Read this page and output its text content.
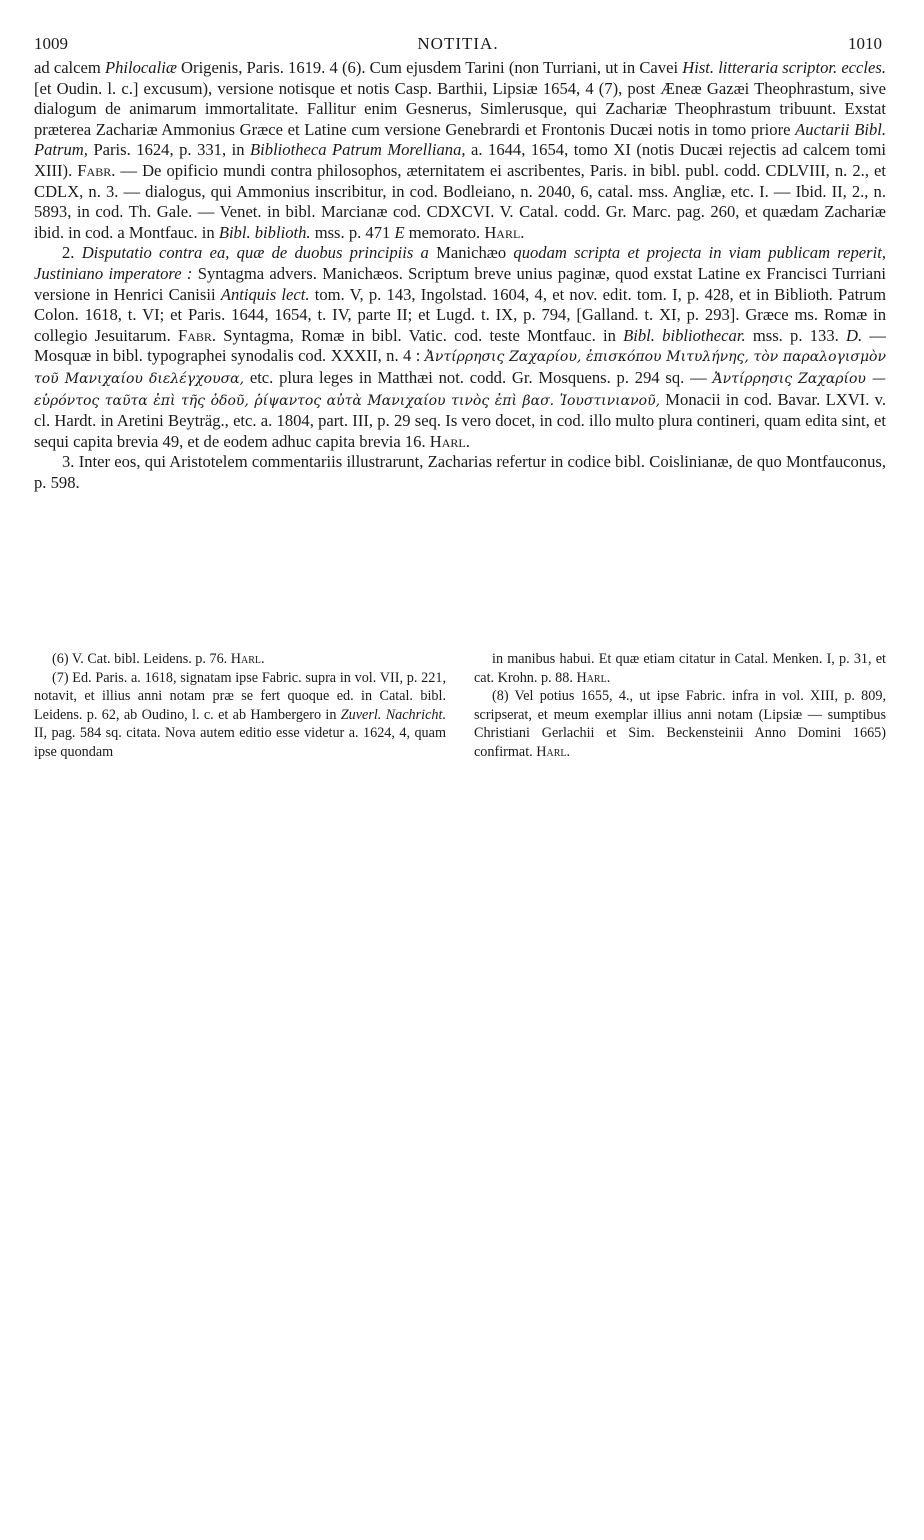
1009	NOTITIA.	1010

ad calcem Philocaliæ Origenis, Paris. 1619. 4 (6). Cum ejusdem Tarini (non Turriani, ut in Cavei Hist. litteraria scriptor. eccles. [et Oudin. l. c.] excusum), versione notisque et notis Casp. Barthii, Lipsiæ 1654, 4 (7), post Æneæ Gazæi Theophrastum, sive dialogum de animarum immortalitate. Fallitur enim Gesnerus, Simlerusque, qui Zachariæ Theophrastum tribuunt. Exstat præterea Zachariæ Ammonius Græce et Latine cum versione Genebrardi et Frontonis Ducæi notis in tomo priore Auctarii Bibl. Patrum, Paris. 1624, p. 331, in Bibliotheca Patrum Morelliana, a. 1644, 1654, tomo XI (notis Ducæi rejectis ad calcem tomi XIII). Fabr. — De opificio mundi contra philosophos, æternitatem ei ascribentes, Paris. in bibl. publ. codd. CDLVIII, n. 2., et CDLX, n. 3. — dialogus, qui Ammonius inscribitur, in cod. Bodleiano, n. 2040, 6, catal. mss. Angliæ, etc. I. — Ibid. II, 2., n. 5893, in cod. Th. Gale. — Venet. in bibl. Marcianæ cod. CDXCVI. V. Catal. codd. Gr. Marc. pag. 260, et quædam Zachariæ ibid. in cod. a Montfauc. in Bibl. biblioth. mss. p. 471 E memorato. Harl.

2. Disputatio contra ea, quæ de duobus principiis a Manichæo quodam scripta et projecta in viam publicam reperit, Justiniano imperatore : Syntagma advers. Manichæos. Scriptum breve unius paginæ, quod exstat Latine ex Francisci Turriani versione in Henrici Canisii Antiquis lect. tom. V, p. 143, Ingolstad. 1604, 4, et nov. edit. tom. I, p. 428, et in Biblioth. Patrum Colon. 1618, t. VI; et Paris. 1644, 1654, t. IV, parte II; et Lugd. t. IX, p. 794, [Galland. t. XI, p. 293]. Græce ms. Romæ in collegio Jesuitarum. Fabr. Syntagma, Romæ in bibl. Vatic. cod. teste Montfauc. in Bibl. bibliothecar. mss. p. 133. D. — Mosquæ in bibl. typographei synodalis cod. XXXII, n. 4 : Ἀντίρρησις Ζαχαρίου, ἐπισκόπου Μιτυλήνης, τὸν παραλογισμὸν τοῦ Μανιχαίου διελέγχουσα, etc. plura leges in Matthæi not. codd. Gr. Mosquens. p. 294 sq. — Ἀντίρρησις Ζαχαρίου — εὑρόντος ταῦτα ἐπὶ τῆς ὁδοῦ, ῥίψαντος αὐτὰ Μανιχαίου τινὸς ἐπὶ βασ. Ἰουστινιανοῦ, Monacii in cod. Bavar. LXVI. v. cl. Hardt. in Aretini Beyträg., etc. a. 1804, part. III, p. 29 seq. Is vero docet, in cod. illo multo plura contineri, quam edita sint, et sequi capita brevia 49, et de eodem adhuc capita brevia 16. Harl.

3. Inter eos, qui Aristotelem commentariis illustrarunt, Zacharias refertur in codice bibl. Coislinianæ, de quo Montfauconus, p. 598.

(6) V. Cat. bibl. Leidens. p. 76. Harl.

(7) Ed. Paris. a. 1618, signatam ipse Fabric. supra in vol. VII, p. 221, notavit, et illius anni notam præ se fert quoque ed. in Catal. bibl. Leidens. p. 62, ab Oudino, l. c. et ab Hambergero in Zuverl. Nachricht. II, pag. 584 sq. citata. Nova autem editio esse videtur a. 1624, 4, quam ipse quondam

in manibus habui. Et quæ etiam citatur in Catal. Menken. I, p. 31, et cat. Krohn. p. 88. Harl.

(8) Vel potius 1655, 4., ut ipse Fabric. infra in vol. XIII, p. 809, scripserat, et meum exemplar illius anni notam (Lipsiæ — sumptibus Christiani Gerlachii et Sim. Beckensteinii Anno Domini 1665) confirmat. Harl.
